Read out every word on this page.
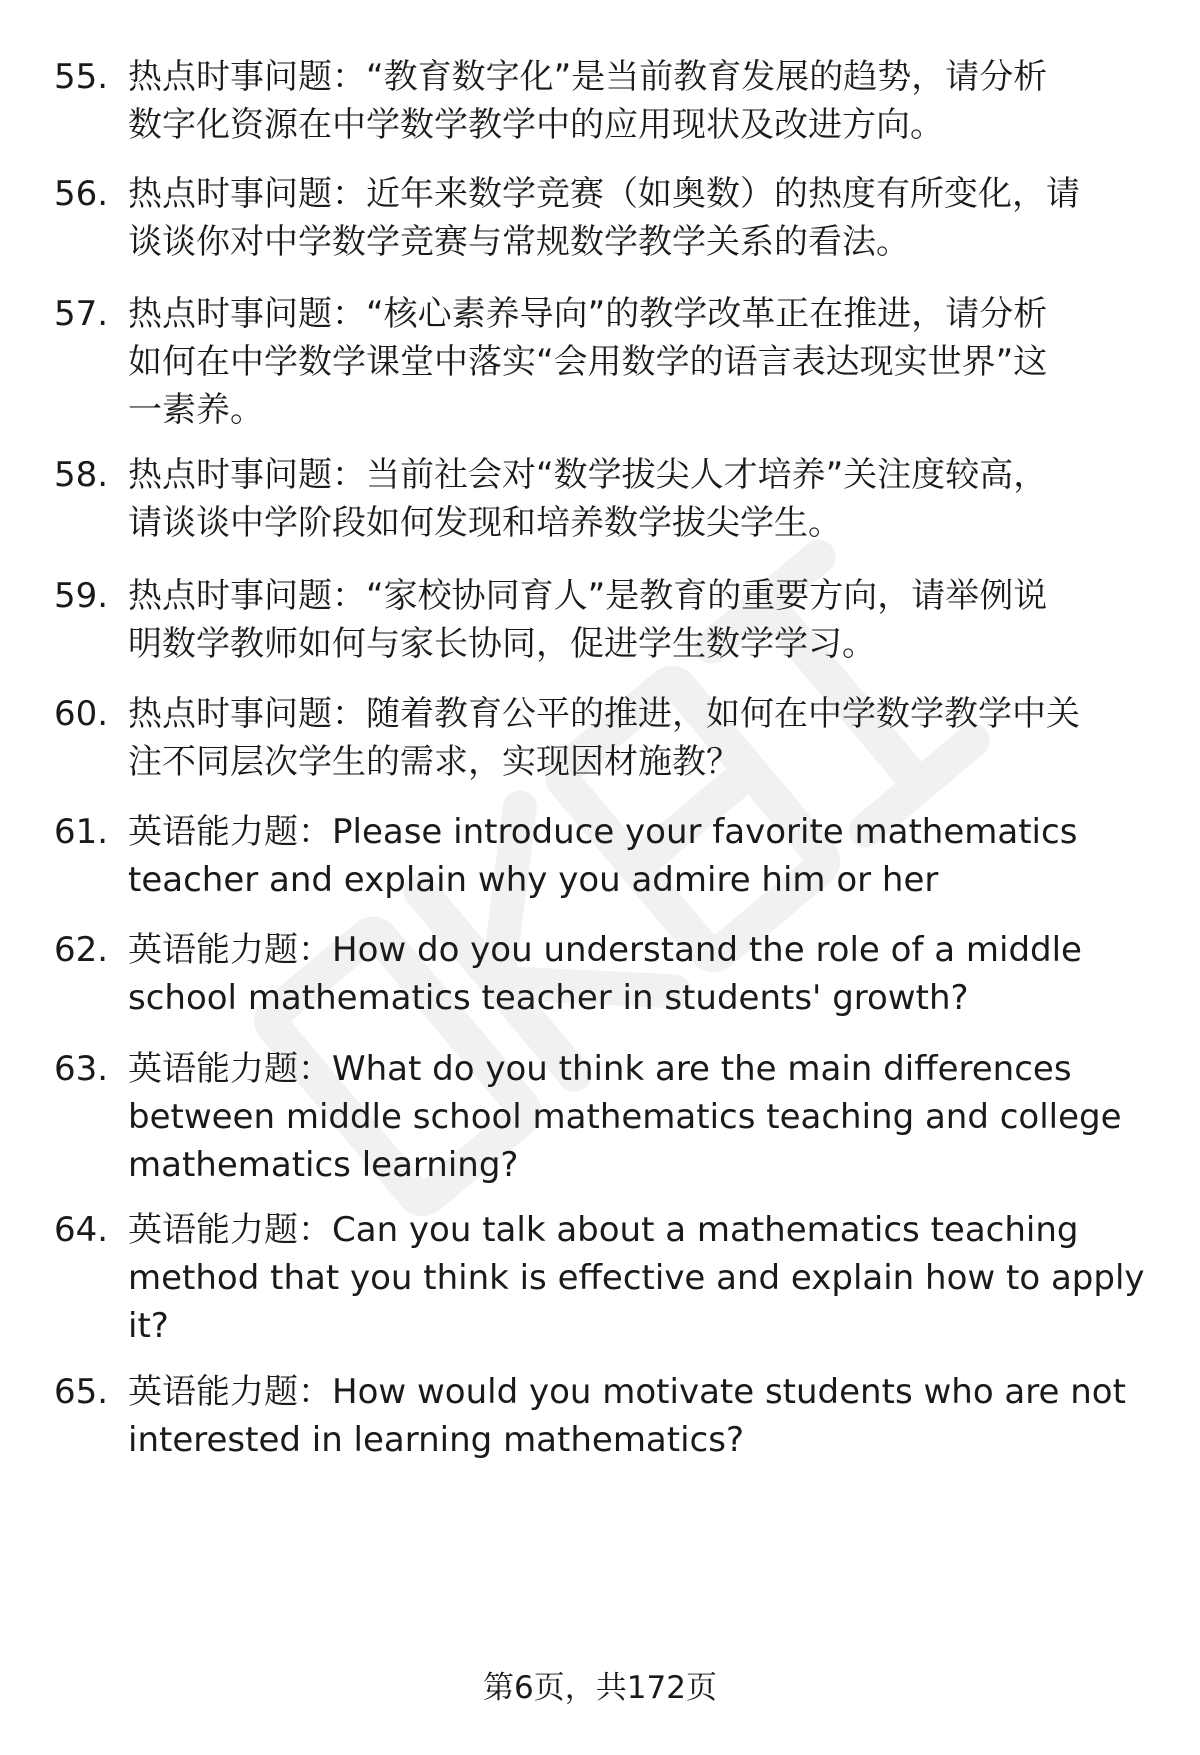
55. 热点时事问题：“教育数字化”是当前教育发展的趋势，请分析
数字化资源在中学数学教学中的应用现状及改进方向。
56. 热点时事问题：近年来数学竞赛（如奥数）的热度有所变化，请
谈谈你对中学数学竞赛与常规数学教学关系的看法。
57. 热点时事问题：“核心素养导向”的教学改革正在推进，请分析
如何在中学数学课堂中落实“会用数学的语言表达现实世界”这
一素养。
58. 热点时事问题：当前社会对“数学拔尖人才培养”关注度较高，
请谈谈中学阶段如何发现和培养数学拔尖学生。
59. 热点时事问题：“家校协同育人”是教育的重要方向，请举例说
明数学教师如何与家长协同，促进学生数学学习。
60. 热点时事问题：随着教育公平的推进，如何在中学数学教学中关
注不同层次学生的需求，实现因材施教？
61. 英语能力题：Please introduce your favorite mathematics
teacher and explain why you admire him or her
62. 英语能力题：How do you understand the role of a middle
school mathematics teacher in students' growth?
63. 英语能力题：What do you think are the main differences
between middle school mathematics teaching and college
mathematics learning?
64. 英语能力题：Can you talk about a mathematics teaching
method that you think is effective and explain how to apply
it?
65. 英语能力题：How would you motivate students who are not
interested in learning mathematics?
第6页，共172页
